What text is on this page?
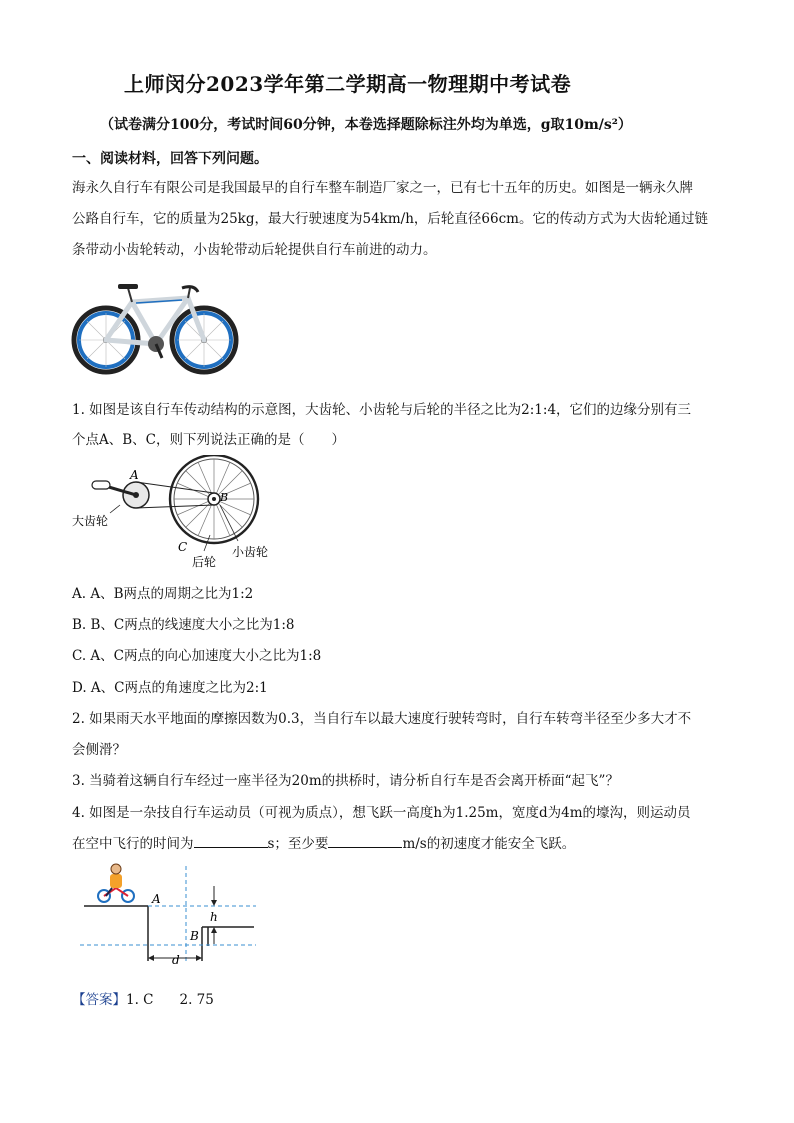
上师闵分2023学年第二学期高一物理期中考试卷
（试卷满分100分，考试时间60分钟，本卷选择题除标注外均为单选，g取10m/s²）
一、阅读材料，回答下列问题。
海永久自行车有限公司是我国最早的自行车整车制造厂家之一，已有七十五年的历史。如图是一辆永久牌
公路自行车，它的质量为25kg，最大行驶速度为54km/h，后轮直径66cm。它的传动方式为大齿轮通过链
条带动小齿轮转动，小齿轮带动后轮提供自行车前进的动力。
1. 如图是该自行车传动结构的示意图，大齿轮、小齿轮与后轮的半径之比为2:1:4，它们的边缘分别有三
个点A、B、C，则下列说法正确的是（　　）
A
B
C
大齿轮
后轮
小齿轮
A. A、B两点的周期之比为1:2
B. B、C两点的线速度大小之比为1:8
C. A、C两点的向心加速度大小之比为1:8
D. A、C两点的角速度之比为2:1
2. 如果雨天水平地面的摩擦因数为0.3，当自行车以最大速度行驶转弯时，自行车转弯半径至少多大才不
会侧滑？
3. 当骑着这辆自行车经过一座半径为20m的拱桥时，请分析自行车是否会离开桥面“起飞”？
4. 如图是一杂技自行车运动员（可视为质点），想飞跃一高度h为1.25m，宽度d为4m的壕沟，则运动员
在空中飞行的时间为	s；至少要	m/s的初速度才能安全飞跃。
A
B
h
d
【答案】1. C 2. 75
